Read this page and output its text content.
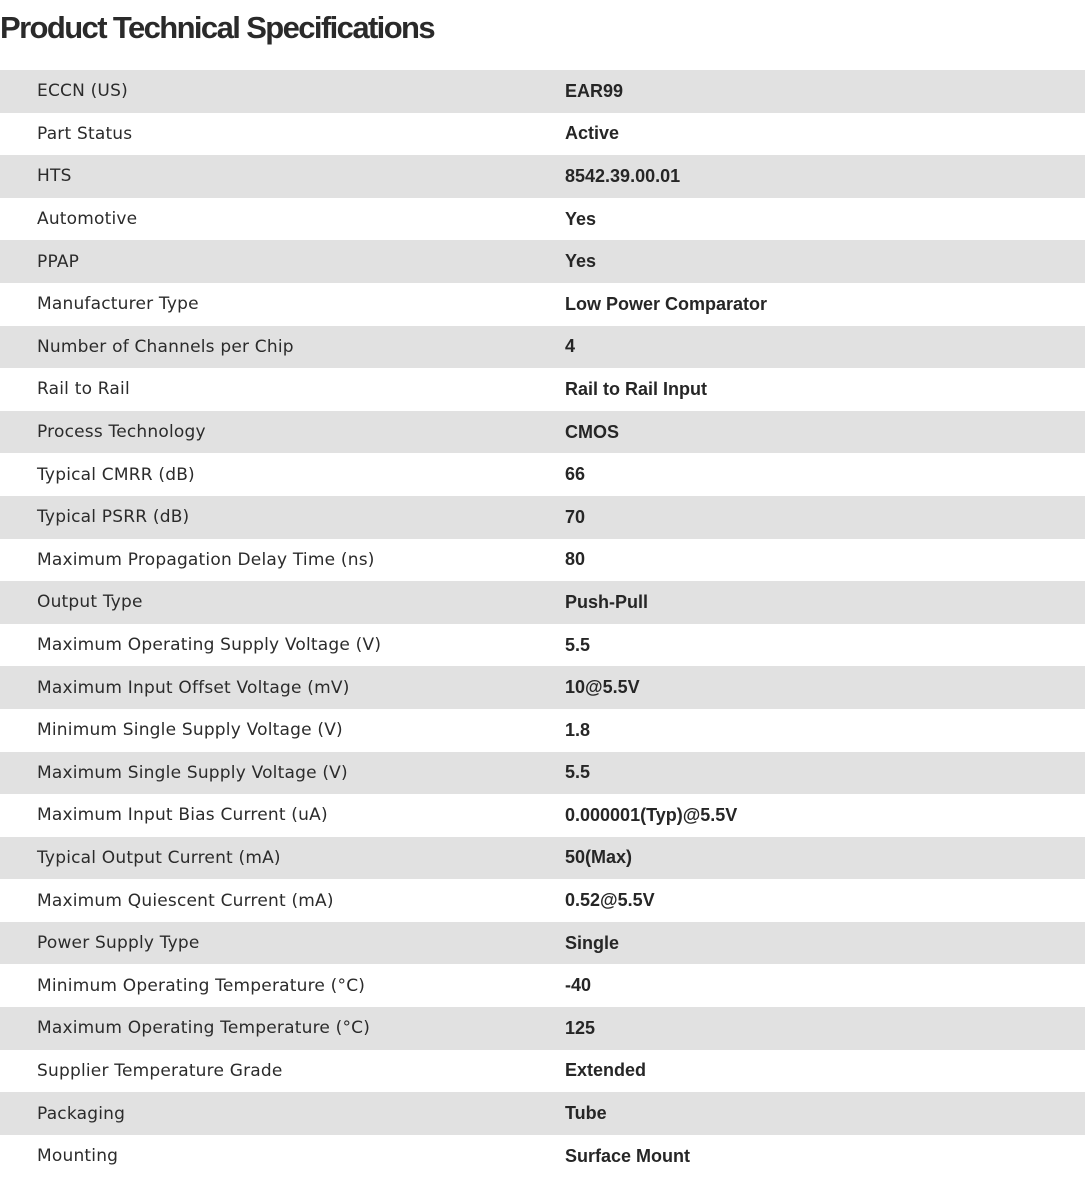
Product Technical Specifications
ECCN (US)	EAR99
Part Status	Active
HTS	8542.39.00.01
Automotive	Yes
PPAP	Yes
Manufacturer Type	Low Power Comparator
Number of Channels per Chip	4
Rail to Rail	Rail to Rail Input
Process Technology	CMOS
Typical CMRR (dB)	66
Typical PSRR (dB)	70
Maximum Propagation Delay Time (ns)	80
Output Type	Push-Pull
Maximum Operating Supply Voltage (V)	5.5
Maximum Input Offset Voltage (mV)	10@5.5V
Minimum Single Supply Voltage (V)	1.8
Maximum Single Supply Voltage (V)	5.5
Maximum Input Bias Current (uA)	0.000001(Typ)@5.5V
Typical Output Current (mA)	50(Max)
Maximum Quiescent Current (mA)	0.52@5.5V
Power Supply Type	Single
Minimum Operating Temperature (°C)	-40
Maximum Operating Temperature (°C)	125
Supplier Temperature Grade	Extended
Packaging	Tube
Mounting	Surface Mount
